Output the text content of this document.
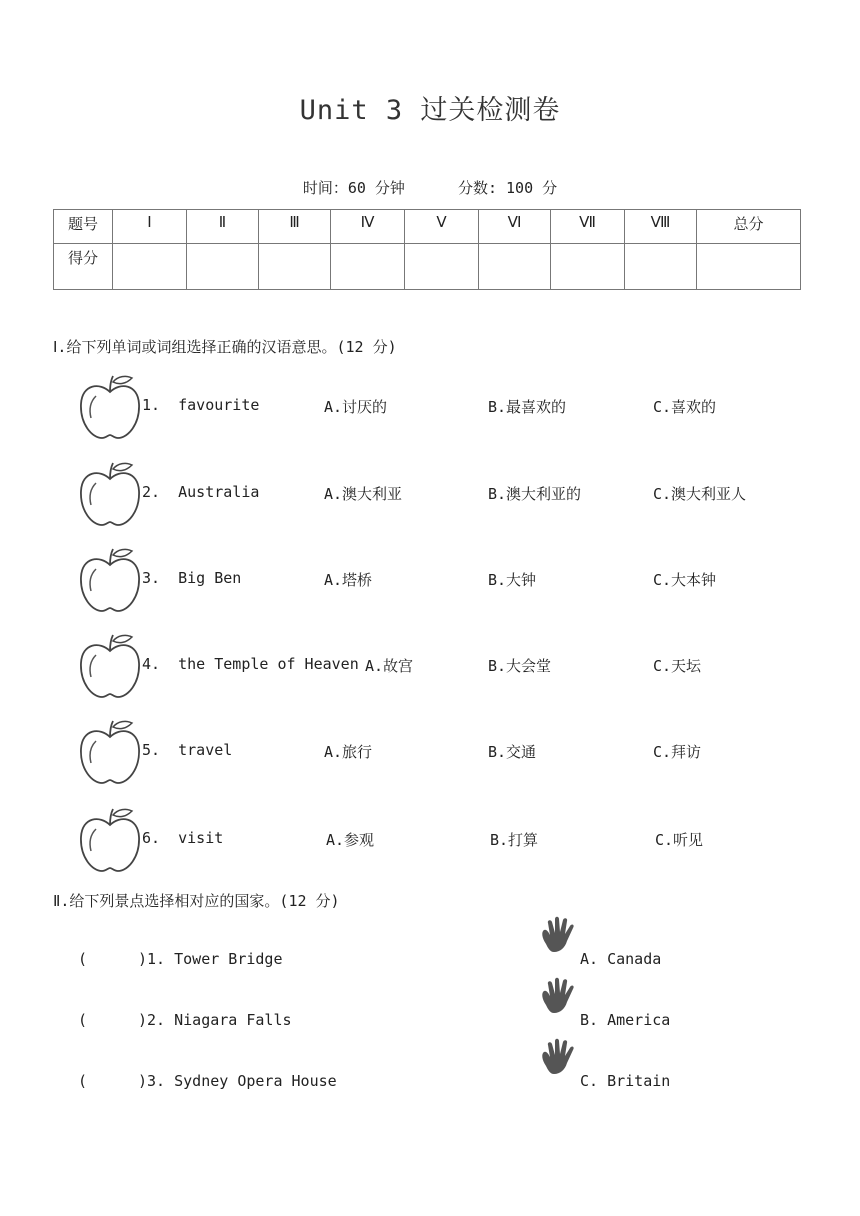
Unit 3 过关检测卷
时间：60 分钟	分数: 100 分
题号	Ⅰ	Ⅱ	Ⅲ	Ⅳ	Ⅴ	Ⅵ	Ⅶ	Ⅷ	总分
得分									
Ⅰ.给下列单词或词组选择正确的汉语意思。(12 分)
1.  favourite	A.讨厌的	B.最喜欢的	C.喜欢的
2.  Australia	A.澳大利亚	B.澳大利亚的	C.澳大利亚人
3.  Big Ben	A.塔桥	B.大钟	C.大本钟
4.  the Temple of Heaven A.故宫	B.大会堂	C.天坛
5.  travel	A.旅行	B.交通	C.拜访
6.  visit	A.参观	B.打算	C.听见
Ⅱ.给下列景点选择相对应的国家。(12 分)
(	)1. Tower Bridge	A. Canada
(	)2. Niagara Falls	B. America
(	)3. Sydney Opera House	C. Britain
